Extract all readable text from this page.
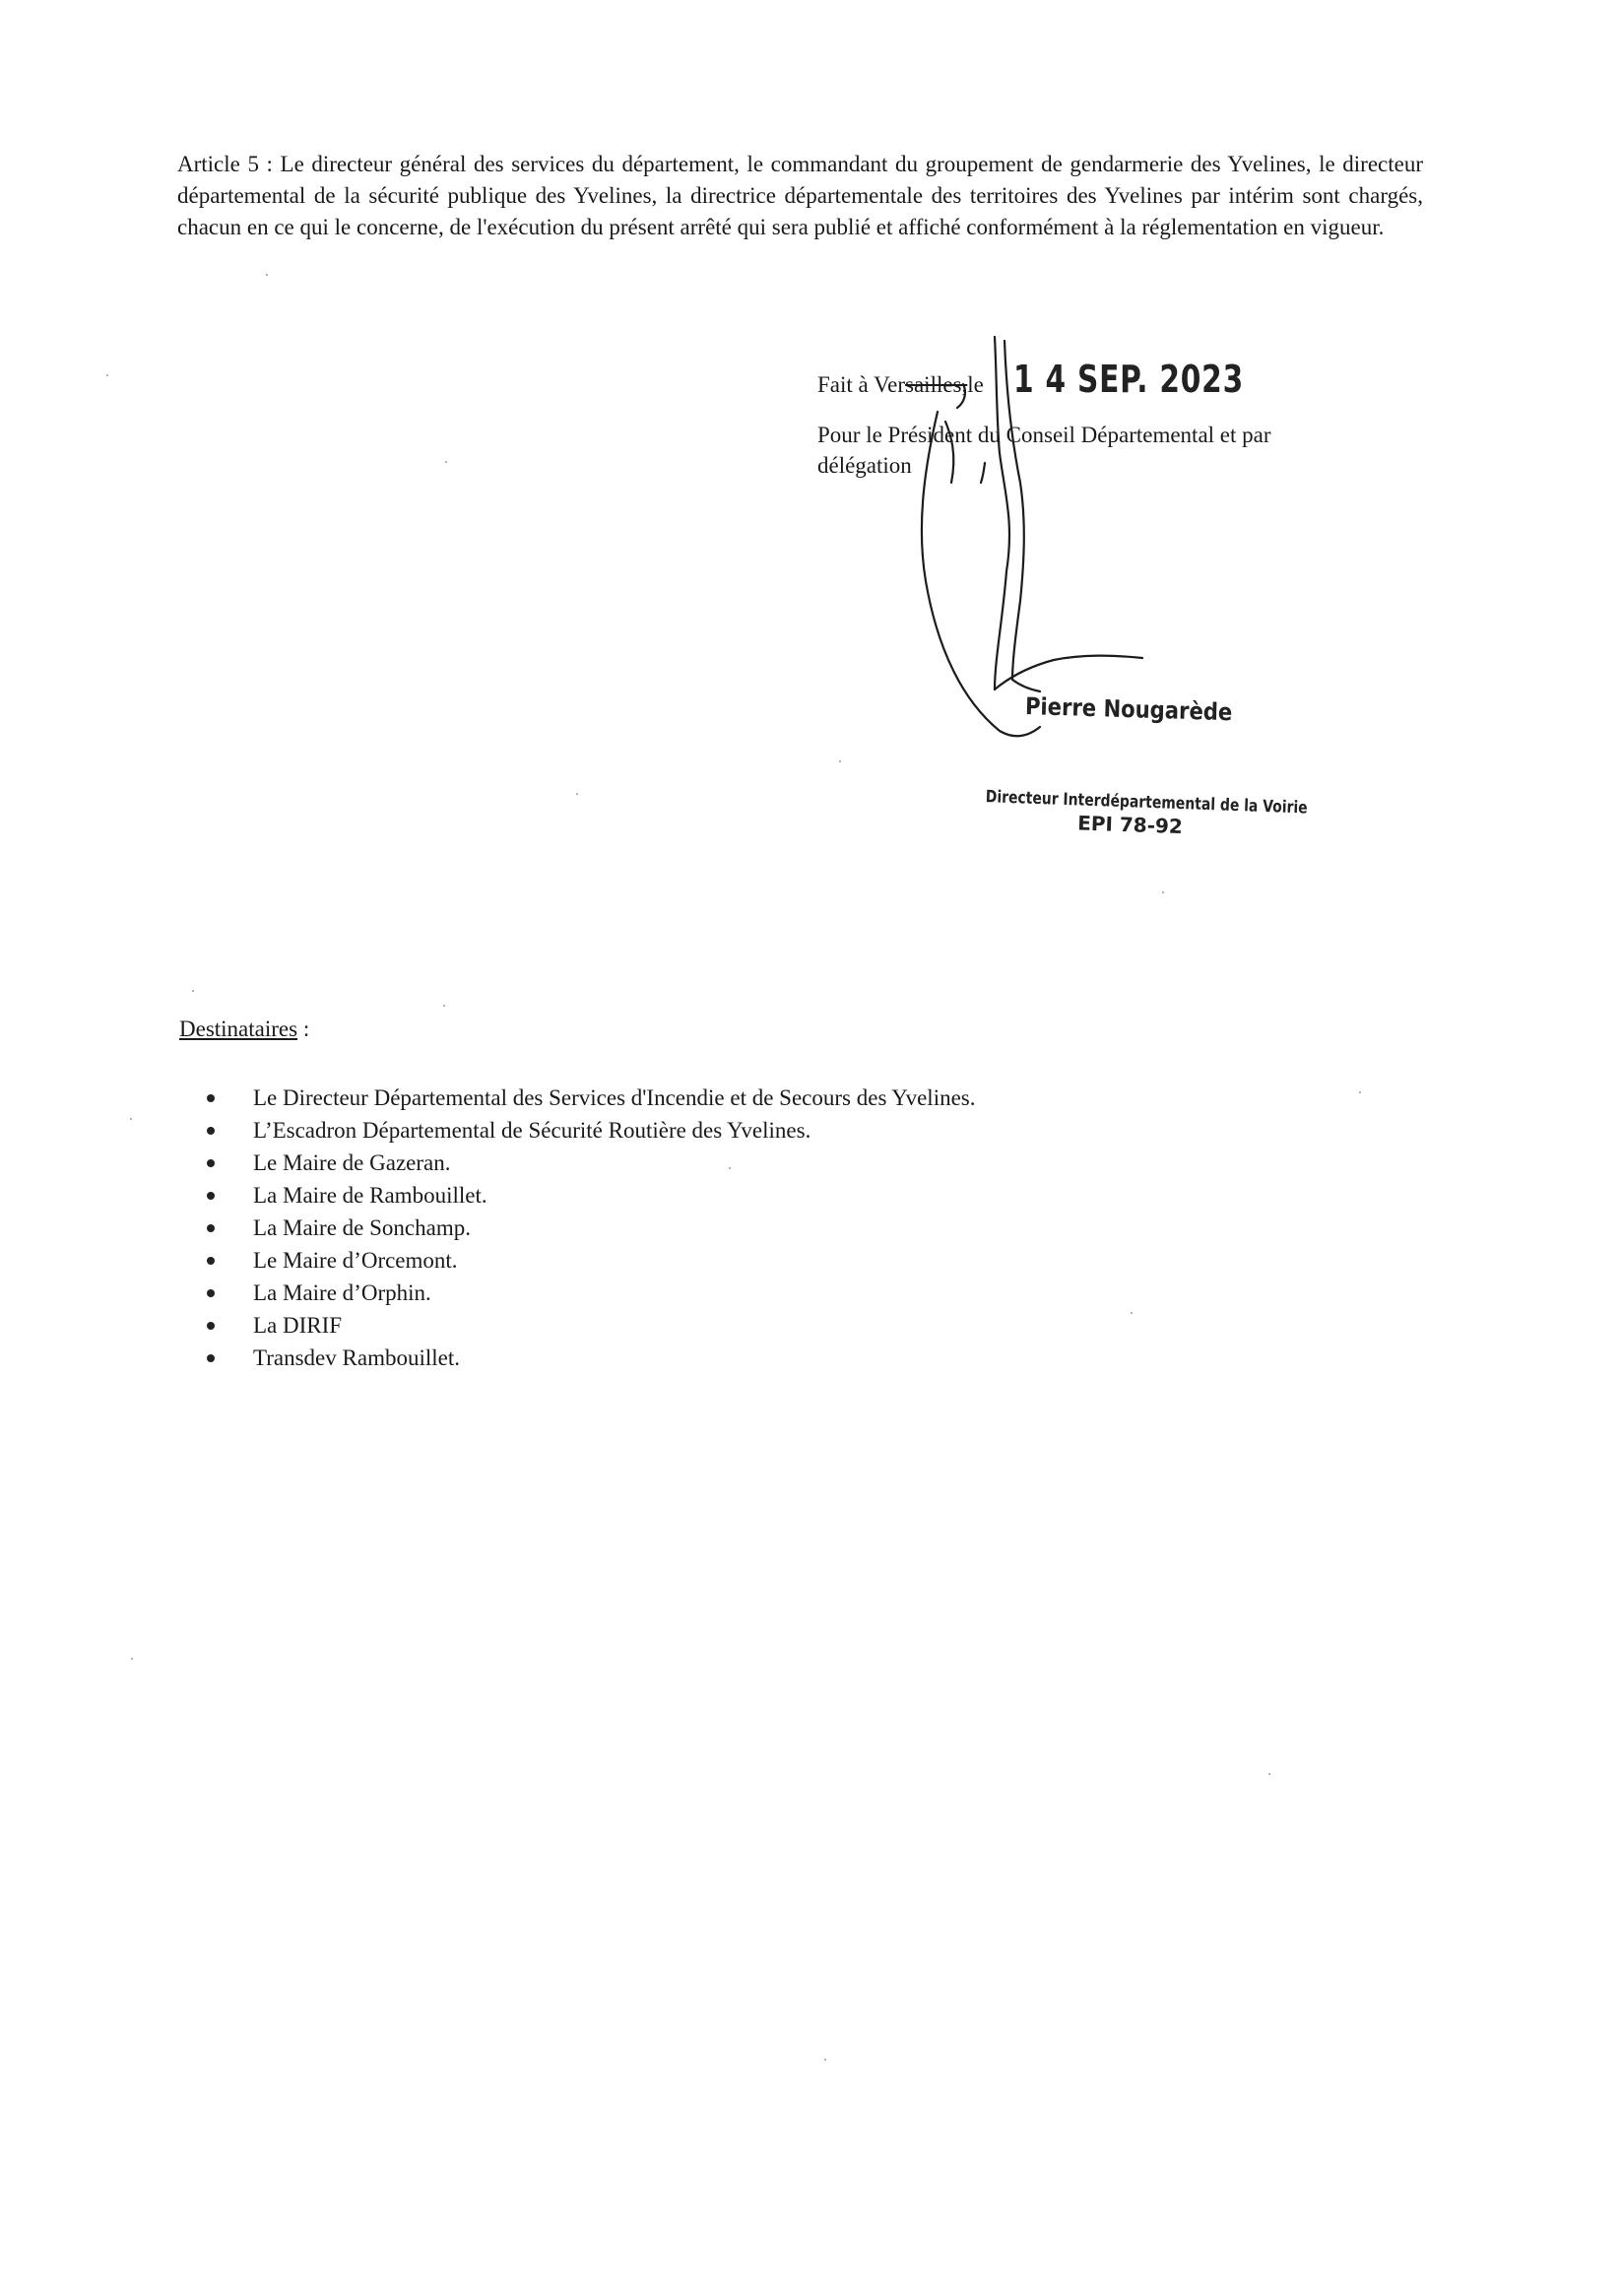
Article 5 : Le directeur général des services du département, le commandant du groupement de gendarmerie des Yvelines, le directeur départemental de la sécurité publique des Yvelines, la directrice départementale des territoires des Yvelines par intérim sont chargés, chacun en ce qui le concerne, de l'exécution du présent arrêté qui sera publié et affiché conformément à la réglementation en vigueur.

Fait à Ver sailles, le 1 4 SEP. 2023
Pour le Président du Conseil Départemental et par délégation
Pierre Nougarède
Directeur Interdépartemental de la Voirie
EPI 78-92
Destinataires :
Le Directeur Départemental des Services d'Incendie et de Secours des Yvelines.
L’Escadron Départemental de Sécurité Routière des Yvelines.
Le Maire de Gazeran.
La Maire de Rambouillet.
La Maire de Sonchamp.
Le Maire d’Orcemont.
La Maire d’Orphin.
La DIRIF
Transdev Rambouillet.
